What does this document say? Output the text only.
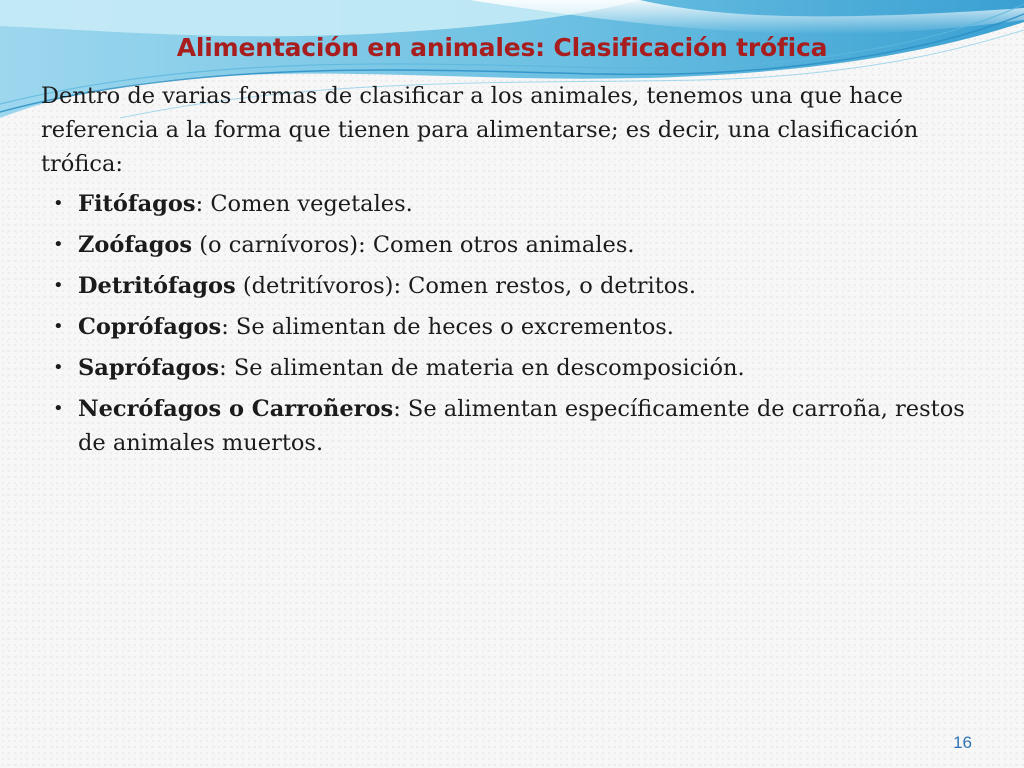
Alimentación en animales: Clasificación trófica

Dentro de varias formas de clasificar a los animales, tenemos una que hace referencia a la forma que tienen para alimentarse; es decir, una clasificación trófica:

• Fitófagos: Comen vegetales.
• Zoófagos (o carnívoros): Comen otros animales.
• Detritófagos (detritívoros): Comen restos, o detritos.
• Coprófagos: Se alimentan de heces o excrementos.
• Saprófagos: Se alimentan de materia en descomposición.
• Necrófagos o Carroñeros: Se alimentan específicamente de carroña, restos de animales muertos.
16
